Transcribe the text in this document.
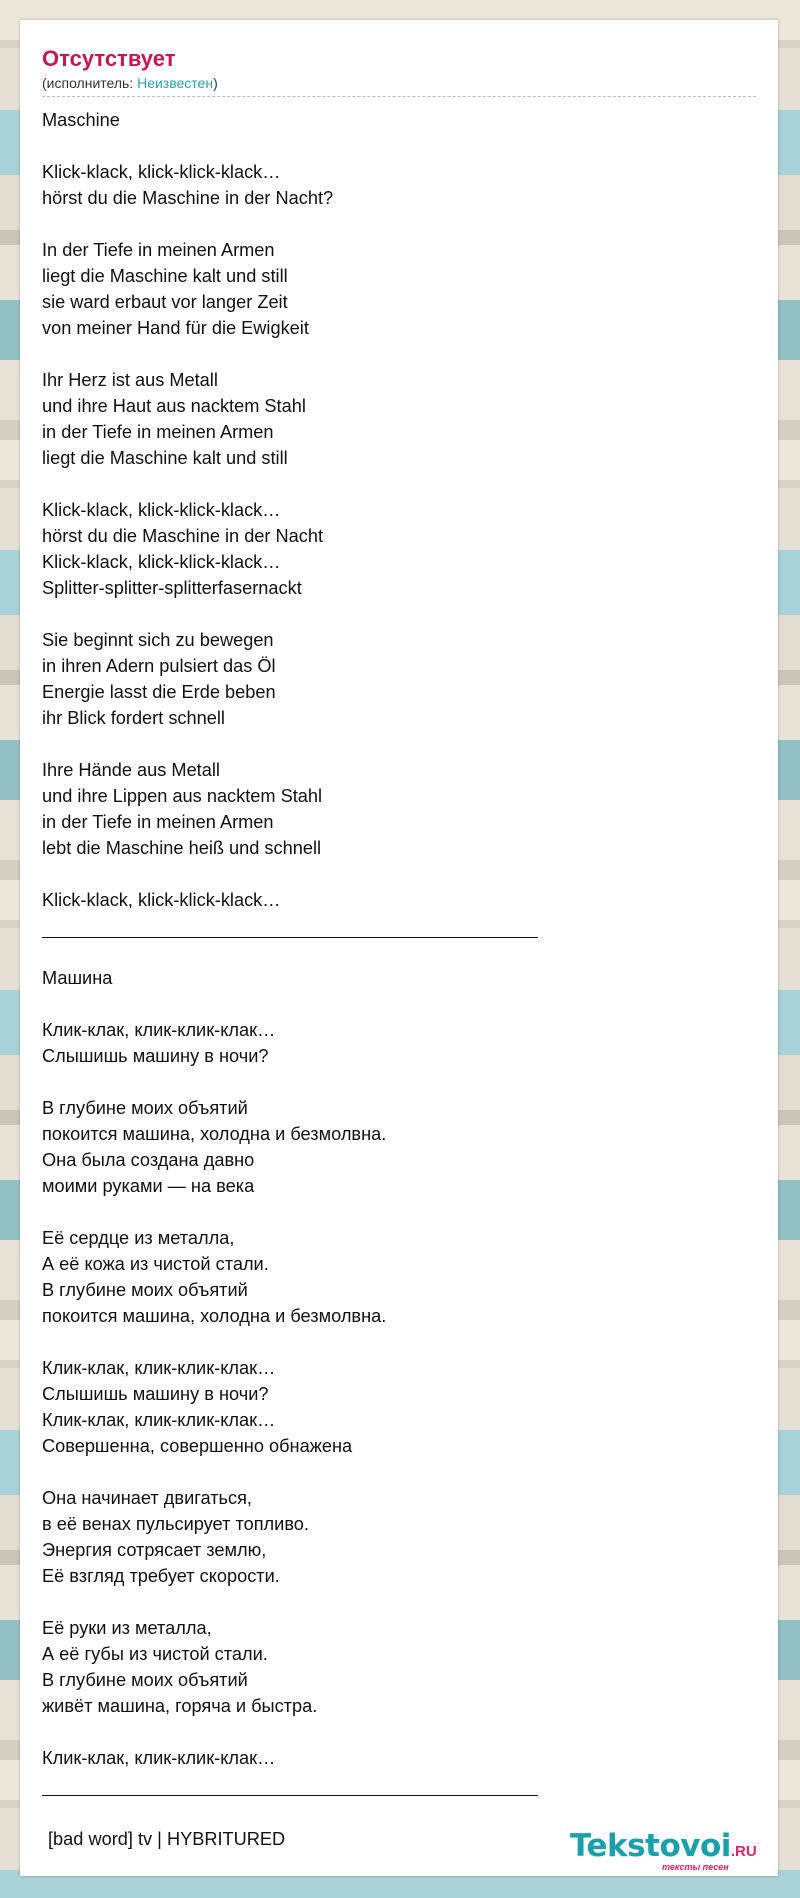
Отсутствует
(исполнитель: Неизвестен)
Maschine
Klick-klack, klick-klick-klack…
hörst du die Maschine in der Nacht?
In der Tiefe in meinen Armen
liegt die Maschine kalt und still
sie ward erbaut vor langer Zeit
von meiner Hand für die Ewigkeit
Ihr Herz ist aus Metall
und ihre Haut aus nacktem Stahl
in der Tiefe in meinen Armen
liegt die Maschine kalt und still
Klick-klack, klick-klick-klack…
hörst du die Maschine in der Nacht
Klick-klack, klick-klick-klack…
Splitter-splitter-splitterfasernackt
Sie beginnt sich zu bewegen
in ihren Adern pulsiert das Öl
Energie lasst die Erde beben
ihr Blick fordert schnell
Ihre Hände aus Metall
und ihre Lippen aus nacktem Stahl
in der Tiefe in meinen Armen
lebt die Maschine heiß und schnell
Klick-klack, klick-klick-klack…
Машина
Клик-клак, клик-клик-клак…
Слышишь машину в ночи?
В глубине моих объятий
покоится машина, холодна и безмолвна.
Она была создана давно
моими руками — на века
Её сердце из металла,
А её кожа из чистой стали.
В глубине моих объятий
покоится машина, холодна и безмолвна.
Клик-клак, клик-клик-клак…
Слышишь машину в ночи?
Клик-клак, клик-клик-клак…
Совершенна, совершенно обнажена
Она начинает двигаться,
в её венах пульсирует топливо.
Энергия сотрясает землю,
Её взгляд требует скорости.
Её руки из металла,
А её губы из чистой стали.
В глубине моих объятий
живёт машина, горяча и быстра.
Клик-клак, клик-клик-клак…
[bad word] tv | HYBRITURED	Tekstovoi.RU
тексты песен
